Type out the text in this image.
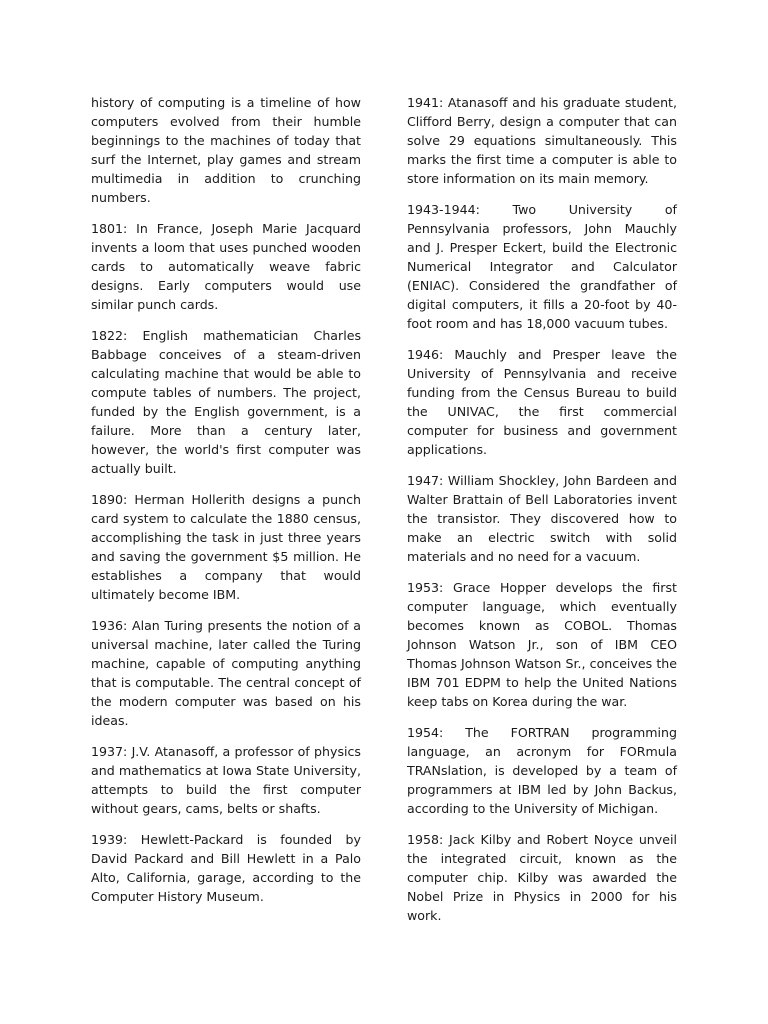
history of computing is a timeline of how computers evolved from their humble beginnings to the machines of today that surf the Internet, play games and stream multimedia in addition to crunching numbers.

1801: In France, Joseph Marie Jacquard invents a loom that uses punched wooden cards to automatically weave fabric designs. Early computers would use similar punch cards.

1822: English mathematician Charles Babbage conceives of a steam-driven calculating machine that would be able to compute tables of numbers. The project, funded by the English government, is a failure. More than a century later, however, the world's first computer was actually built.

1890: Herman Hollerith designs a punch card system to calculate the 1880 census, accomplishing the task in just three years and saving the government $5 million. He establishes a company that would ultimately become IBM.

1936: Alan Turing presents the notion of a universal machine, later called the Turing machine, capable of computing anything that is computable. The central concept of the modern computer was based on his ideas.

1937: J.V. Atanasoff, a professor of physics and mathematics at Iowa State University, attempts to build the first computer without gears, cams, belts or shafts.

1939: Hewlett-Packard is founded by David Packard and Bill Hewlett in a Palo Alto, California, garage, according to the Computer History Museum.

1941: Atanasoff and his graduate student, Clifford Berry, design a computer that can solve 29 equations simultaneously. This marks the first time a computer is able to store information on its main memory.

1943-1944: Two University of Pennsylvania professors, John Mauchly and J. Presper Eckert, build the Electronic Numerical Integrator and Calculator (ENIAC). Considered the grandfather of digital computers, it fills a 20-foot by 40-foot room and has 18,000 vacuum tubes.

1946: Mauchly and Presper leave the University of Pennsylvania and receive funding from the Census Bureau to build the UNIVAC, the first commercial computer for business and government applications.

1947: William Shockley, John Bardeen and Walter Brattain of Bell Laboratories invent the transistor. They discovered how to make an electric switch with solid materials and no need for a vacuum.

1953: Grace Hopper develops the first computer language, which eventually becomes known as COBOL. Thomas Johnson Watson Jr., son of IBM CEO Thomas Johnson Watson Sr., conceives the IBM 701 EDPM to help the United Nations keep tabs on Korea during the war.

1954: The FORTRAN programming language, an acronym for FORmula TRANslation, is developed by a team of programmers at IBM led by John Backus, according to the University of Michigan.

1958: Jack Kilby and Robert Noyce unveil the integrated circuit, known as the computer chip. Kilby was awarded the Nobel Prize in Physics in 2000 for his work.
